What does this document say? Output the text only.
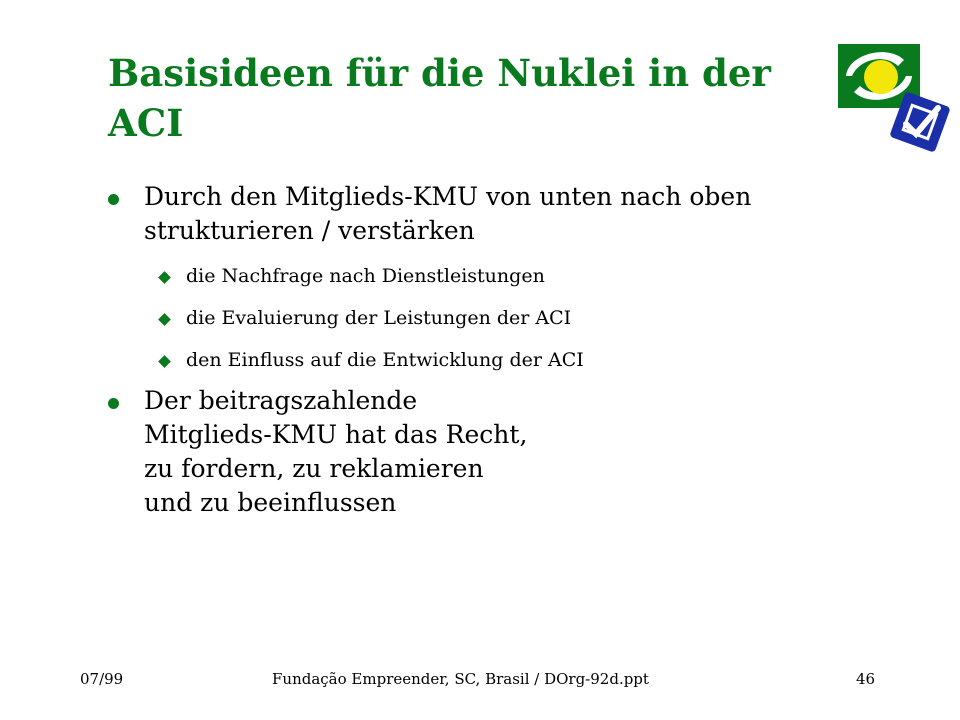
Basisideen für die Nuklei in der
ACI
Durch den Mitglieds-KMU von unten nach oben
strukturieren / verstärken
die Nachfrage nach Dienstleistungen
die Evaluierung der Leistungen der ACI
den Einfluss auf die Entwicklung der ACI
Der beitragszahlende
Mitglieds-KMU hat das Recht,
zu fordern, zu reklamieren
und zu beeinflussen
07/99	Fundação Empreender, SC, Brasil / DOrg-92d.ppt	46
